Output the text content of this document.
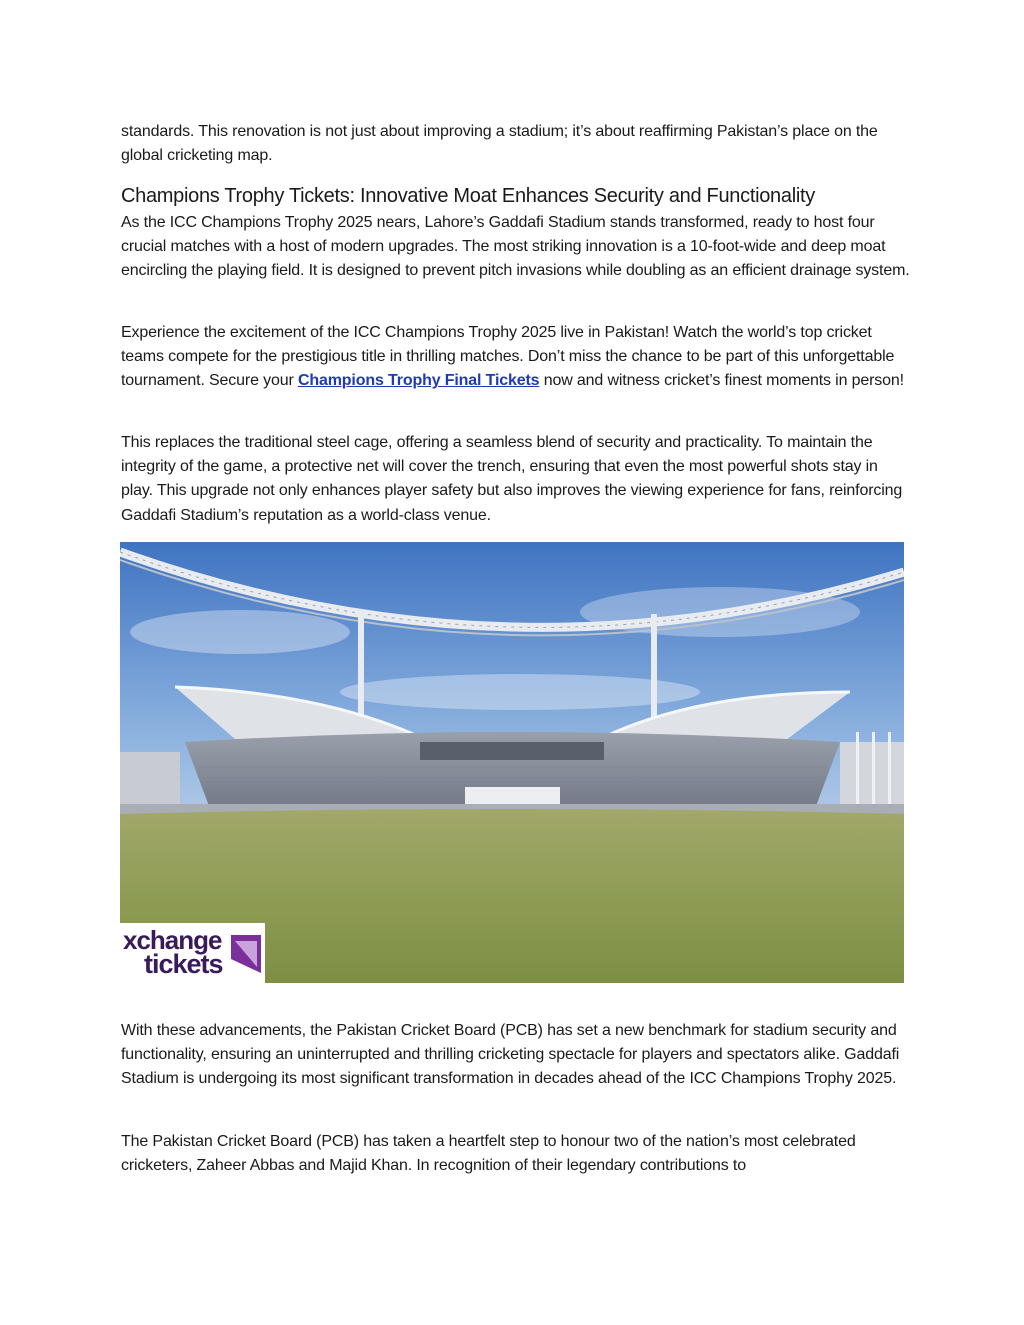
standards. This renovation is not just about improving a stadium; it’s about reaffirming Pakistan’s place on the global cricketing map.

Champions Trophy Tickets: Innovative Moat Enhances Security and Functionality

As the ICC Champions Trophy 2025 nears, Lahore’s Gaddafi Stadium stands transformed, ready to host four crucial matches with a host of modern upgrades. The most striking innovation is a 10-foot-wide and deep moat encircling the playing field. It is designed to prevent pitch invasions while doubling as an efficient drainage system.

Experience the excitement of the ICC Champions Trophy 2025 live in Pakistan! Watch the world’s top cricket teams compete for the prestigious title in thrilling matches. Don’t miss the chance to be part of this unforgettable tournament. Secure your Champions Trophy Final Tickets now and witness cricket’s finest moments in person!

This replaces the traditional steel cage, offering a seamless blend of security and practicality. To maintain the integrity of the game, a protective net will cover the trench, ensuring that even the most powerful shots stay in play. This upgrade not only enhances player safety but also improves the viewing experience for fans, reinforcing Gaddafi Stadium’s reputation as a world-class venue.

With these advancements, the Pakistan Cricket Board (PCB) has set a new benchmark for stadium security and functionality, ensuring an uninterrupted and thrilling cricketing spectacle for players and spectators alike. Gaddafi Stadium is undergoing its most significant transformation in decades ahead of the ICC Champions Trophy 2025.

The Pakistan Cricket Board (PCB) has taken a heartfelt step to honour two of the nation’s most celebrated cricketers, Zaheer Abbas and Majid Khan. In recognition of their legendary contributions to

xchange
tickets
